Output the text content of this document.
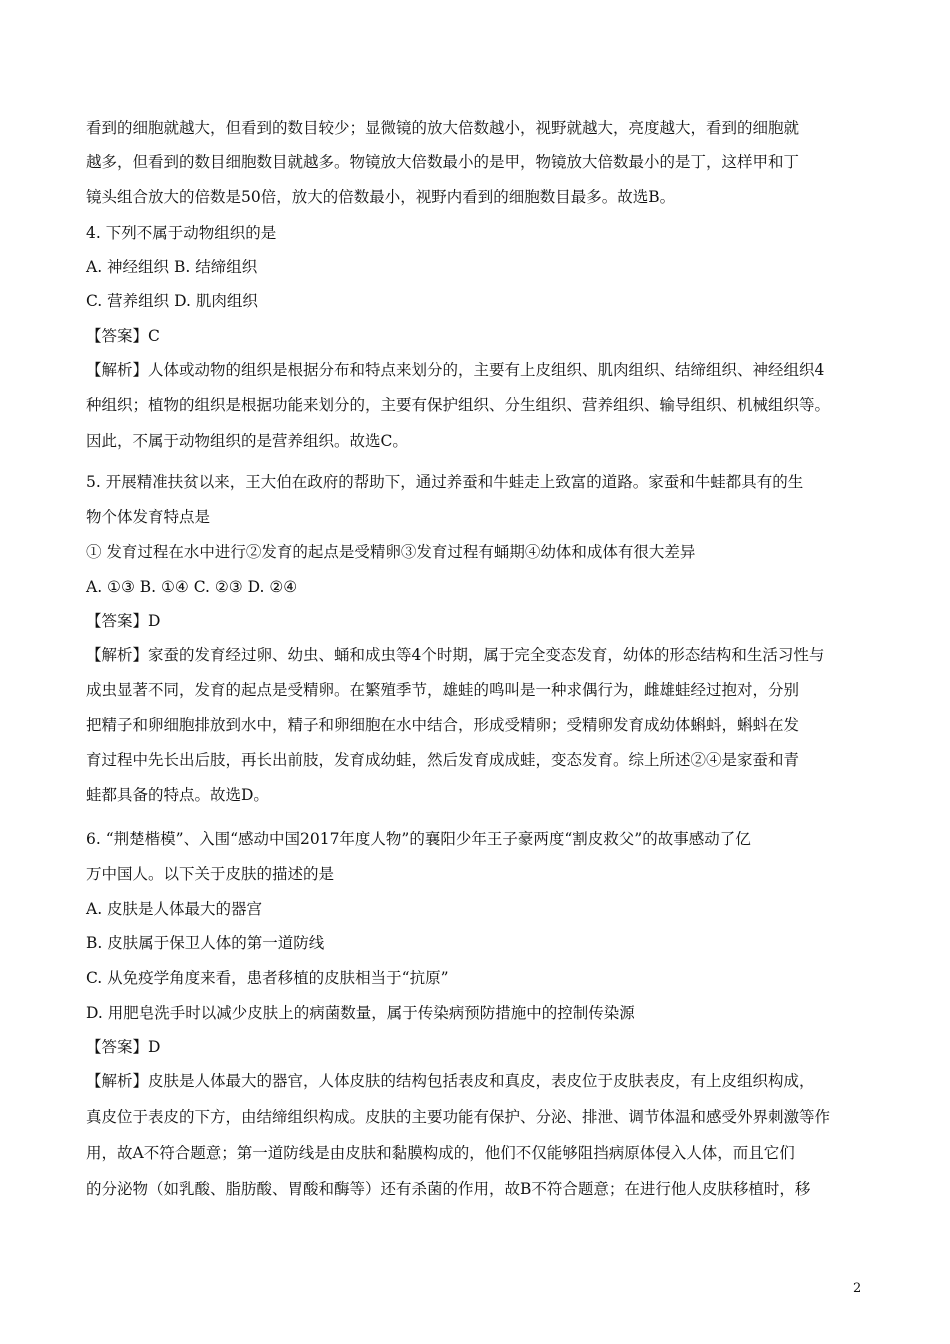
看到的细胞就越大，但看到的数目较少；显微镜的放大倍数越小，视野就越大，亮度越大，看到的细胞就
越多，但看到的数目细胞数目就越多。物镜放大倍数最小的是甲，物镜放大倍数最小的是丁，这样甲和丁
镜头组合放大的倍数是50倍，放大的倍数最小，视野内看到的细胞数目最多。故选B。
4. 下列不属于动物组织的是
A. 神经组织 B. 结缔组织
C. 营养组织 D. 肌肉组织
【答案】C
【解析】人体或动物的组织是根据分布和特点来划分的，主要有上皮组织、肌肉组织、结缔组织、神经组织4
种组织；植物的组织是根据功能来划分的，主要有保护组织、分生组织、营养组织、输导组织、机械组织等。
因此，不属于动物组织的是营养组织。故选C。
5. 开展精准扶贫以来，王大伯在政府的帮助下，通过养蚕和牛蛙走上致富的道路。家蚕和牛蛙都具有的生
物个体发育特点是
① 发育过程在水中进行②发育的起点是受精卵③发育过程有蛹期④幼体和成体有很大差异
A. ①③ B. ①④ C. ②③ D. ②④
【答案】D
【解析】家蚕的发育经过卵、幼虫、蛹和成虫等4个时期，属于完全变态发育，幼体的形态结构和生活习性与
成虫显著不同，发育的起点是受精卵。在繁殖季节，雄蛙的鸣叫是一种求偶行为，雌雄蛙经过抱对，分别
把精子和卵细胞排放到水中，精子和卵细胞在水中结合，形成受精卵；受精卵发育成幼体蝌蚪，蝌蚪在发
育过程中先长出后肢，再长出前肢，发育成幼蛙，然后发育成成蛙，变态发育。综上所述②④是家蚕和青
蛙都具备的特点。故选D。
6. “荆楚楷模”、入围“感动中国2017年度人物”的襄阳少年王子豪两度“割皮救父”的故事感动了亿
万中国人。以下关于皮肤的描述的是
A. 皮肤是人体最大的器宫
B. 皮肤属于保卫人体的第一道防线
C. 从免疫学角度来看，患者移植的皮肤相当于“抗原”
D. 用肥皂洗手时以减少皮肤上的病菌数量，属于传染病预防措施中的控制传染源
【答案】D
【解析】皮肤是人体最大的器官，人体皮肤的结构包括表皮和真皮，表皮位于皮肤表皮，有上皮组织构成，
真皮位于表皮的下方，由结缔组织构成。皮肤的主要功能有保护、分泌、排泄、调节体温和感受外界刺激等作
用，故A不符合题意；第一道防线是由皮肤和黏膜构成的，他们不仅能够阻挡病原体侵入人体，而且它们
的分泌物（如乳酸、脂肪酸、胃酸和酶等）还有杀菌的作用，故B不符合题意；在进行他人皮肤移植时，移
2
